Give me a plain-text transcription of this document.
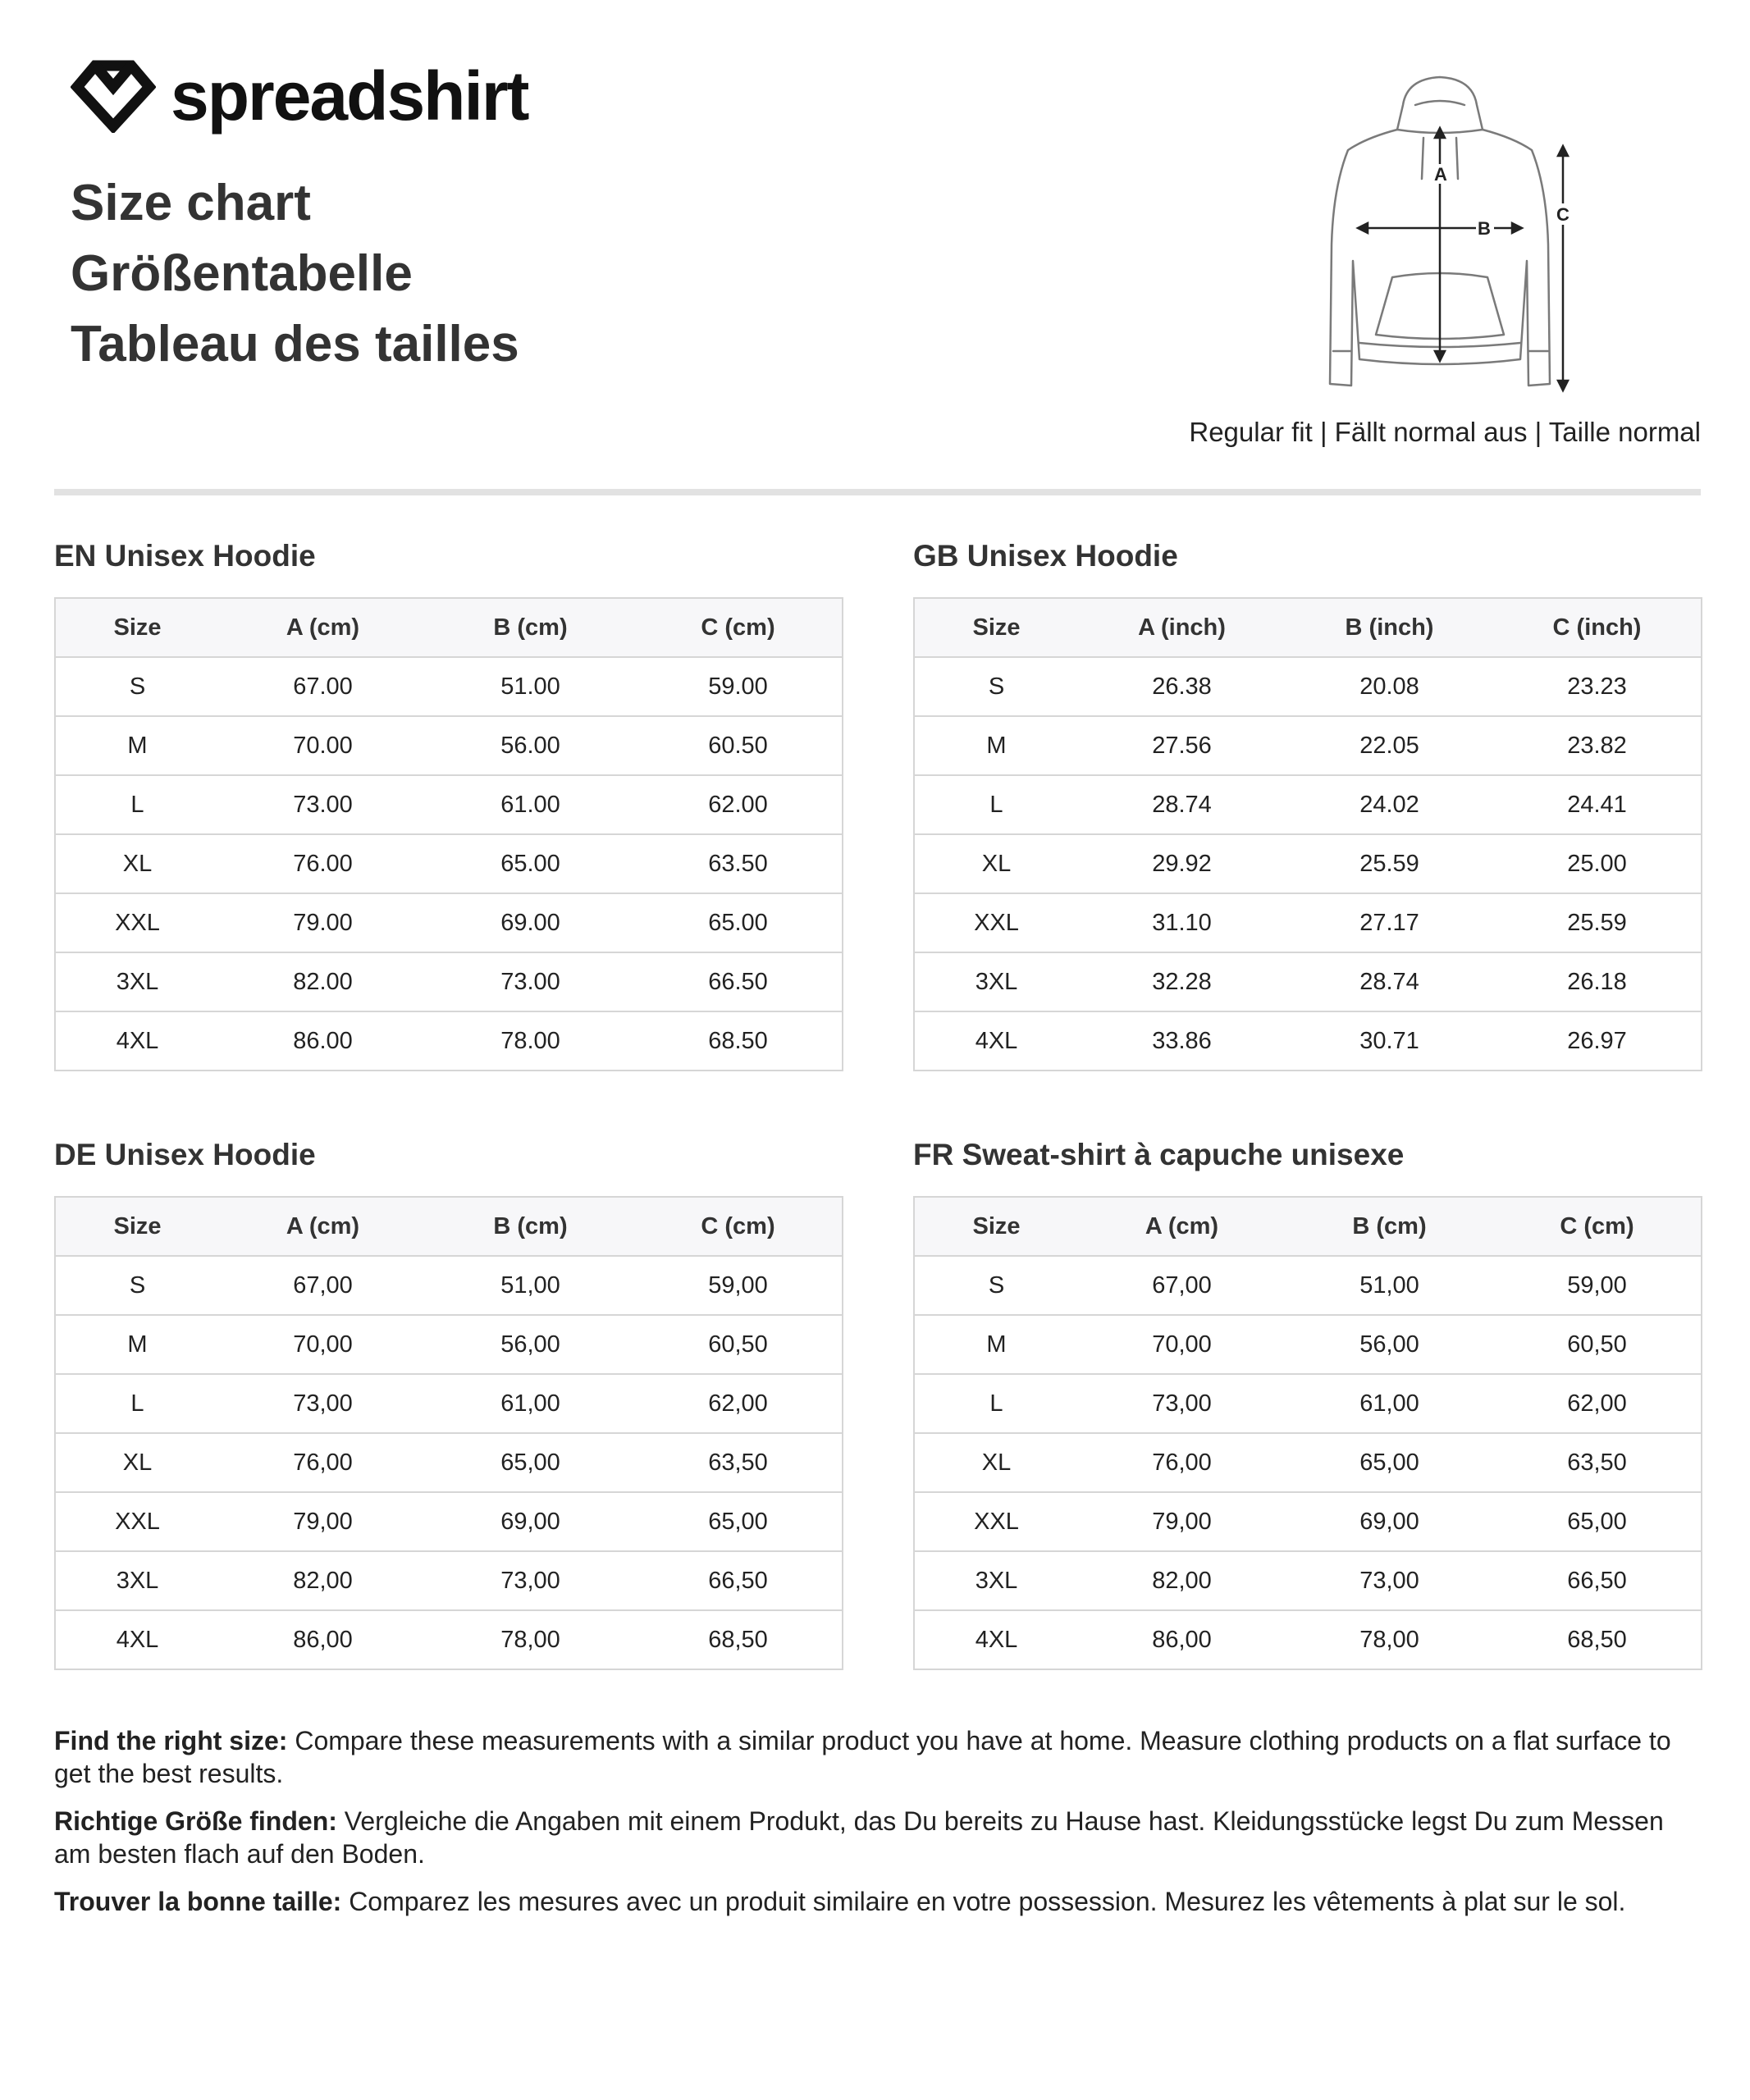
spreadshirt
Size chart
Größentabelle
Tableau des tailles
A
B
C
Regular fit | Fällt normal aus | Taille normal
EN Unisex Hoodie
Size	A (cm)	B (cm)	C (cm)
S	67.00	51.00	59.00
M	70.00	56.00	60.50
L	73.00	61.00	62.00
XL	76.00	65.00	63.50
XXL	79.00	69.00	65.00
3XL	82.00	73.00	66.50
4XL	86.00	78.00	68.50
GB Unisex Hoodie
Size	A (inch)	B (inch)	C (inch)
S	26.38	20.08	23.23
M	27.56	22.05	23.82
L	28.74	24.02	24.41
XL	29.92	25.59	25.00
XXL	31.10	27.17	25.59
3XL	32.28	28.74	26.18
4XL	33.86	30.71	26.97
DE Unisex Hoodie
Size	A (cm)	B (cm)	C (cm)
S	67,00	51,00	59,00
M	70,00	56,00	60,50
L	73,00	61,00	62,00
XL	76,00	65,00	63,50
XXL	79,00	69,00	65,00
3XL	82,00	73,00	66,50
4XL	86,00	78,00	68,50
FR Sweat-shirt à capuche unisexe
Size	A (cm)	B (cm)	C (cm)
S	67,00	51,00	59,00
M	70,00	56,00	60,50
L	73,00	61,00	62,00
XL	76,00	65,00	63,50
XXL	79,00	69,00	65,00
3XL	82,00	73,00	66,50
4XL	86,00	78,00	68,50

Find the right size: Compare these measurements with a similar product you have at home. Measure clothing products on a flat surface to get the best results.

Richtige Größe finden: Vergleiche die Angaben mit einem Produkt, das Du bereits zu Hause hast. Kleidungsstücke legst Du zum Messen am besten flach auf den Boden.

Trouver la bonne taille: Comparez les mesures avec un produit similaire en votre possession. Mesurez les vêtements à plat sur le sol.
